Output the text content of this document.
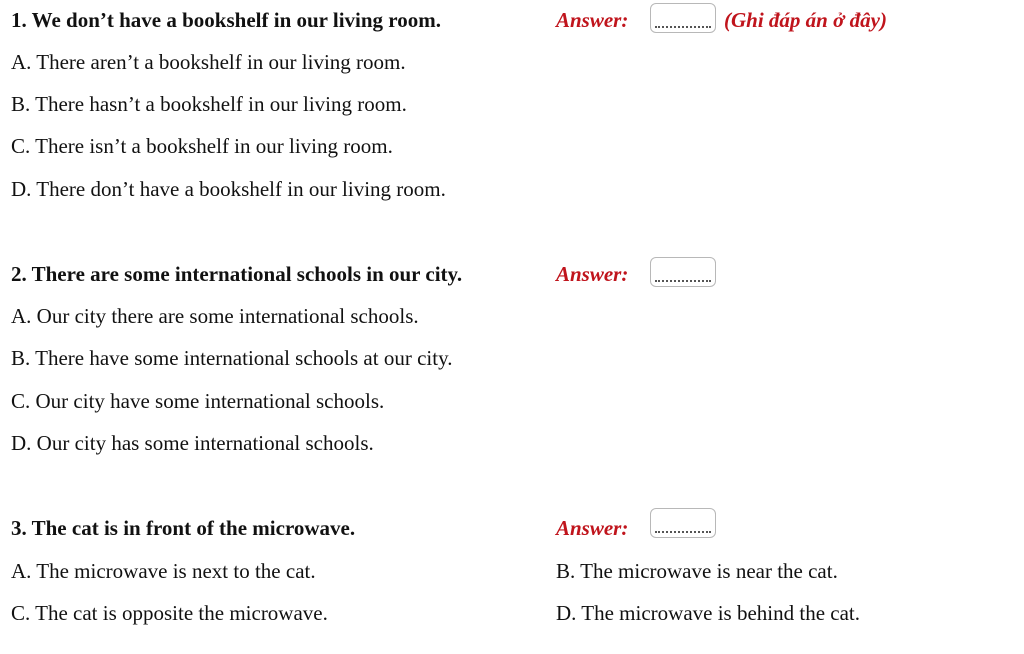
1. We don’t have a bookshelf in our living room.	Answer:	(Ghi đáp án ở đây)
A. There aren’t a bookshelf in our living room.
B. There hasn’t a bookshelf in our living room.
C. There isn’t a bookshelf in our living room.
D. There don’t have a bookshelf in our living room.
2. There are some international schools in our city.	Answer:
A. Our city there are some international schools.
B. There have some international schools at our city.
C. Our city have some international schools.
D. Our city has some international schools.
3. The cat is in front of the microwave.	Answer:
A. The microwave is next to the cat.	B. The microwave is near the cat.
C. The cat is opposite the microwave.	D. The microwave is behind the cat.
